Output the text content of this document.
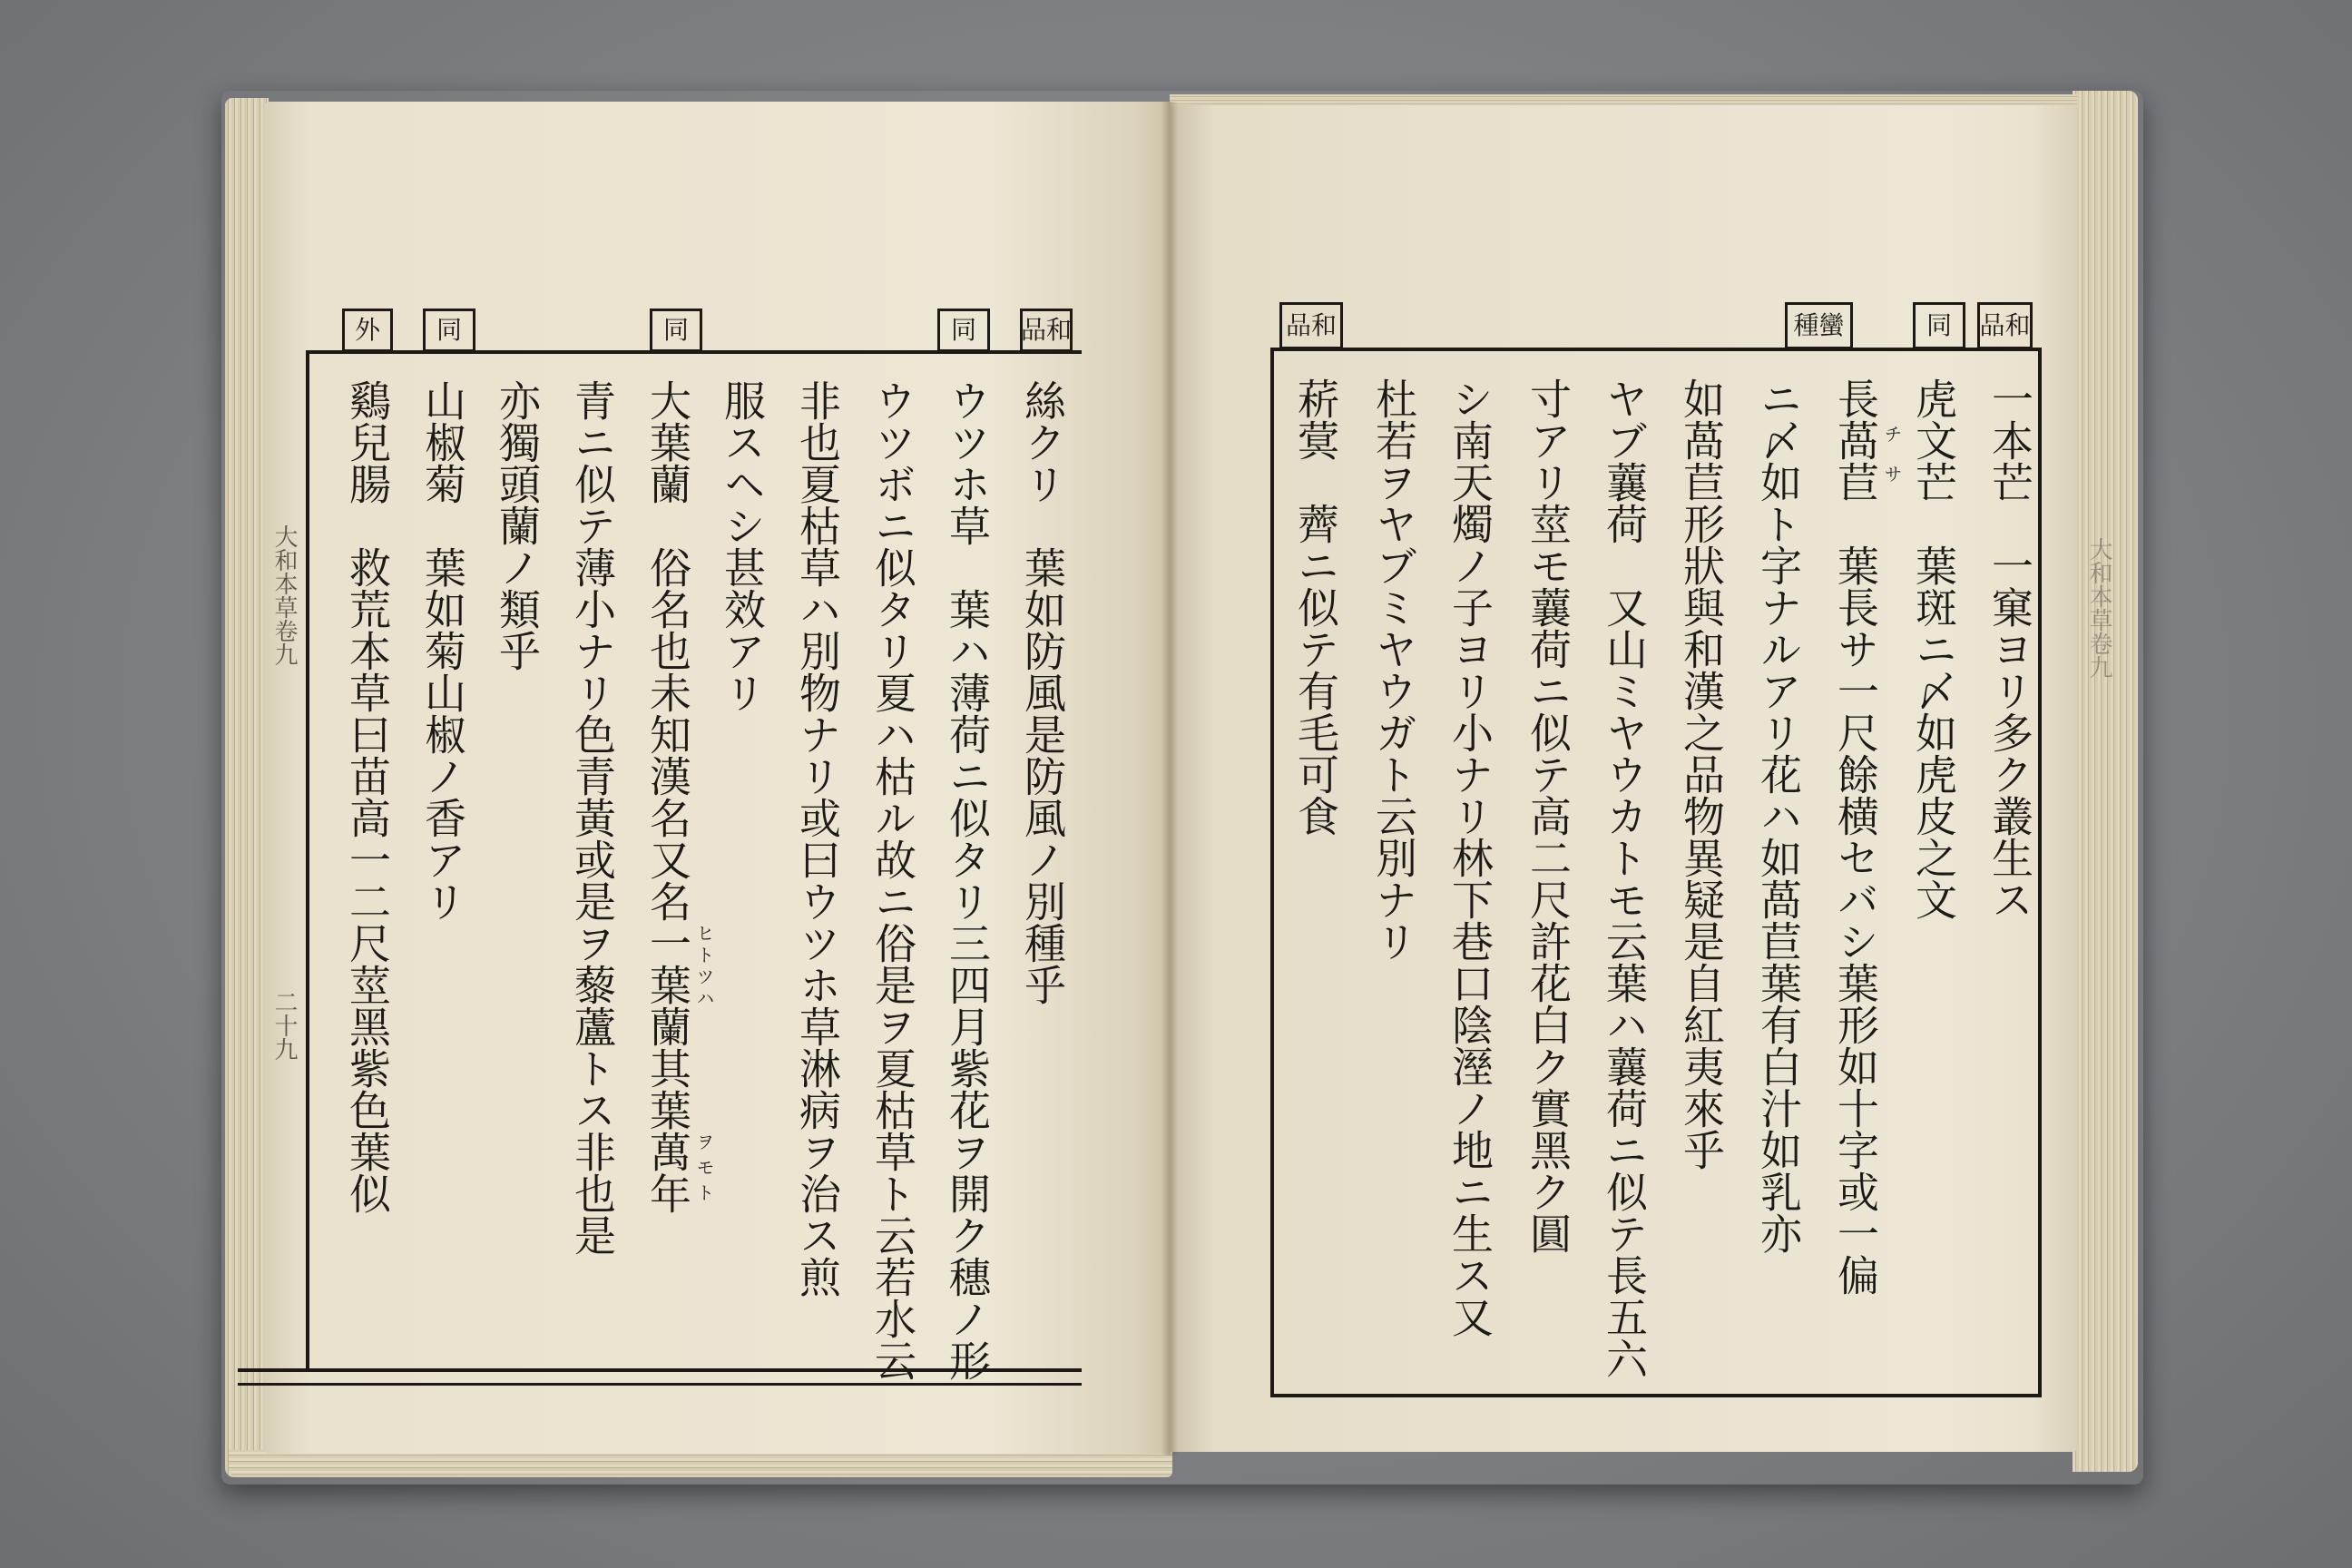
大和本草卷九
二十九
和品
同
同
同
外
絲クリ　葉如防風是防風ノ別種乎
ウツホ草　葉ハ薄荷ニ似タリ三四月紫花ヲ開ク穗ノ形
ウツボニ似タリ夏ハ枯ル故ニ俗是ヲ夏枯草ト云若水云
非也夏枯草ハ別物ナリ或曰ウツホ草淋病ヲ治ス煎
服スヘシ甚效アリ
大葉蘭　俗名也未知漢名又名一葉蘭其葉萬年
青ニ似テ薄小ナリ色青黃或是ヲ藜蘆トス非也是
亦獨頭蘭ノ類乎
山椒菊　葉如菊山椒ノ香アリ
鷄兒腸　救荒本草曰苗高一二尺莖黑紫色葉似	ヒトツハ
ヲモト
大和本草卷九
和品
同
蠻種
和品
一本芒　一窠ヨリ多ク叢生ス
虎文芒　葉斑ニ〆如虎皮之文
長萵苣　葉長サ一尺餘横セバシ葉形如十字或一偏
ニ〆如ト字ナルアリ花ハ如萵苣葉有白汁如乳亦
如萵苣形狀與和漢之品物異疑是自紅夷來乎
ヤブ蘘荷　又山ミヤウカトモ云葉ハ蘘荷ニ似テ長五六
寸アリ莖モ蘘荷ニ似テ高二尺許花白ク實黑ク圓
シ南天燭ノ子ヨリ小ナリ林下巷口陰溼ノ地ニ生ス又
杜若ヲヤブミヤウガト云別ナリ
菥蓂　薺ニ似テ有毛可食	チサ
